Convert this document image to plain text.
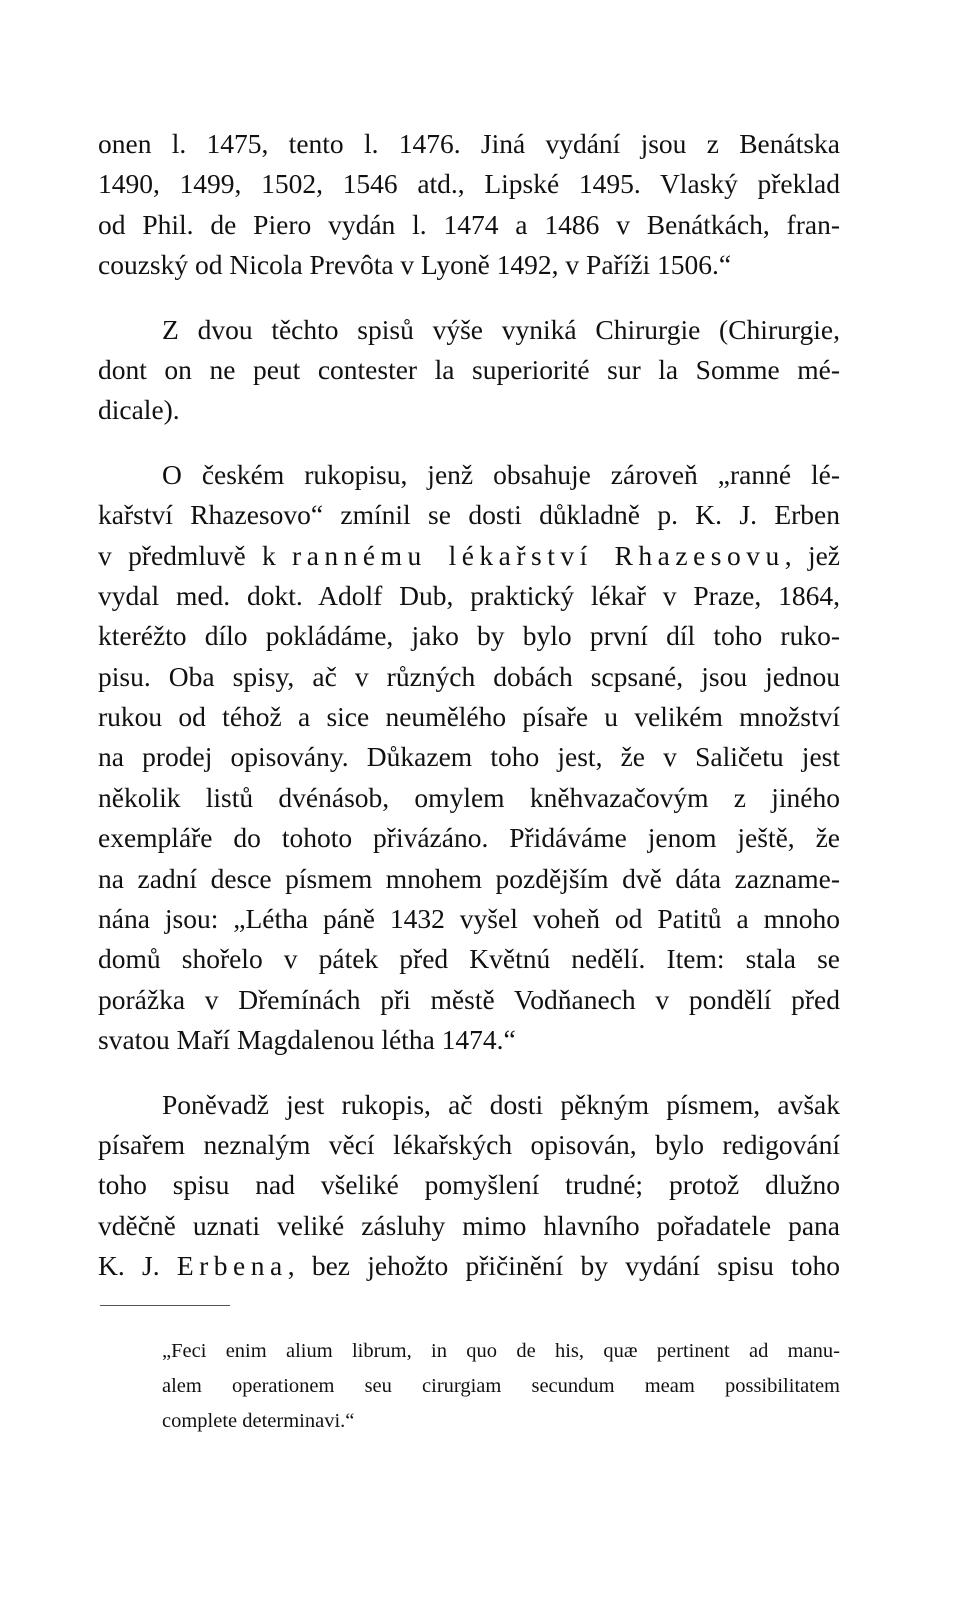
onen l. 1475, tento l. 1476. Jiná vydání jsou z Benátska
1490, 1499, 1502, 1546 atd., Lipské 1495. Vlaský překlad
od Phil. de Piero vydán l. 1474 a 1486 v Benátkách, fran-
couzský od Nicola Prevôta v Lyoně 1492, v Paříži 1506.“
Z dvou těchto spisů výše vyniká Chirurgie (Chirurgie,
dont on ne peut contester la superiorité sur la Somme mé-
dicale).
O českém rukopisu, jenž obsahuje zároveň „ranné lé-
kařství Rhazesovo“ zmínil se dosti důkladně p. K. J. Erben
v předmluvě k rannému lékařství Rhazesovu, jež
vydal med. dokt. Adolf Dub, praktický lékař v Praze, 1864,
kteréžto dílo pokládáme, jako by bylo první díl toho ruko-
pisu. Oba spisy, ač v různých dobách scpsané, jsou jednou
rukou od téhož a sice neumělého písaře u velikém množství
na prodej opisovány. Důkazem toho jest, že v Saličetu jest
několik listů dvénásob, omylem kněhvazačovým z jiného
exempláře do tohoto přivázáno. Přidáváme jenom ještě, že
na zadní desce písmem mnohem pozdějším dvě dáta zazname-
nána jsou: „Létha páně 1432 vyšel voheň od Patitů a mnoho
domů shořelo v pátek před Květnú nedělí. Item: stala se
porážka v Dřemínách při městě Vodňanech v pondělí před
svatou Maří Magdalenou létha 1474.“
Poněvadž jest rukopis, ač dosti pěkným písmem, avšak
písařem neznalým věcí lékařských opisován, bylo redigování
toho spisu nad všeliké pomyšlení trudné; protož dlužno
vděčně uznati veliké zásluhy mimo hlavního pořadatele pana
K. J. Erbena, bez jehožto přičinění by vydání spisu toho
„Feci enim alium librum, in quo de his, quæ pertinent ad manu-
alem operationem seu cirurgiam secundum meam possibilitatem
complete determinavi.“
